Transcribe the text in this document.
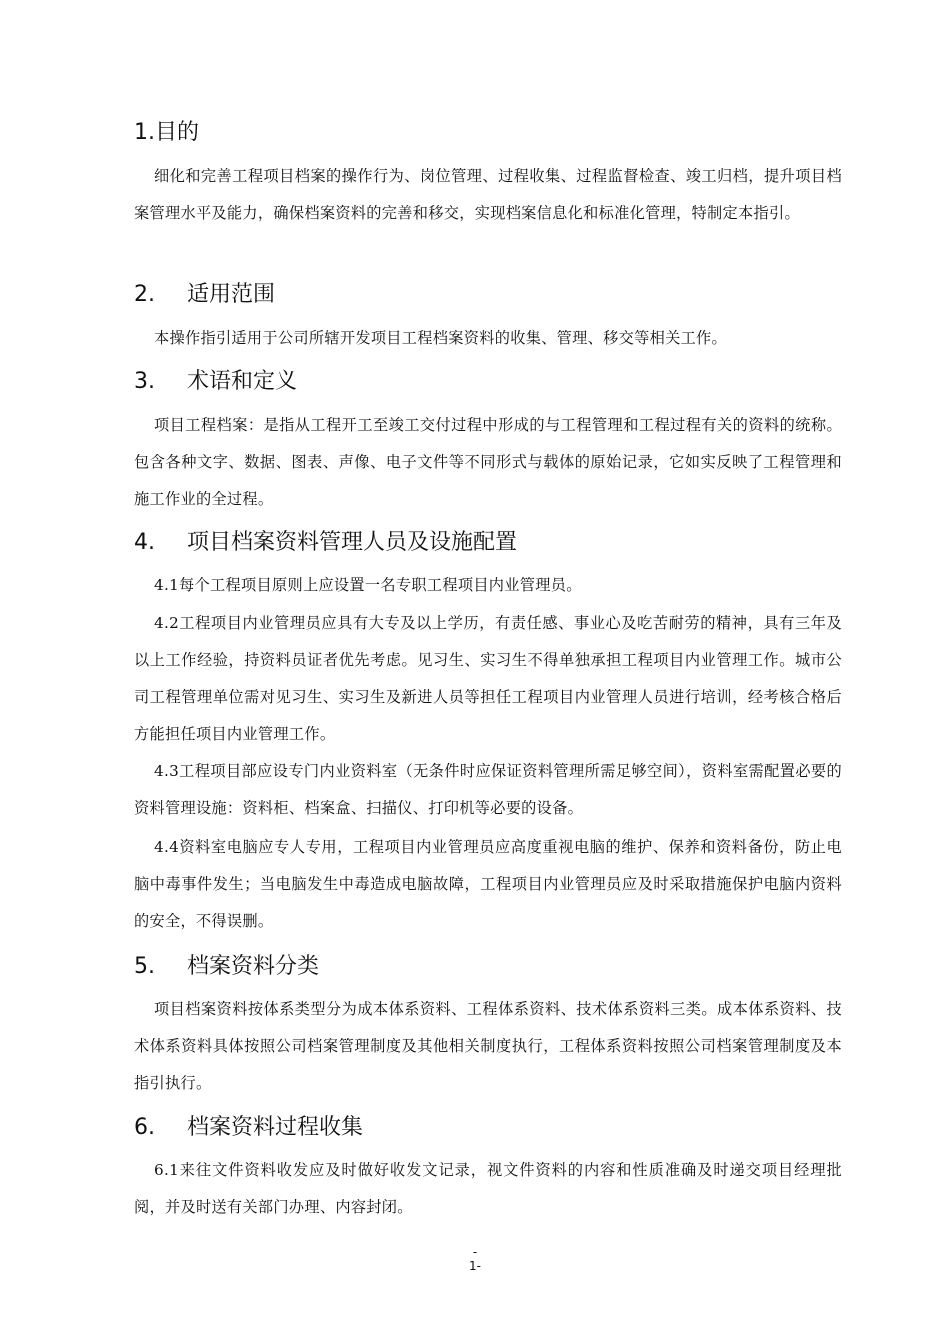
1.目的
细化和完善工程项目档案的操作行为、岗位管理、过程收集、过程监督检查、竣工归档，提升项目档案管理水平及能力，确保档案资料的完善和移交，实现档案信息化和标准化管理，特制定本指引。
2. 适用范围
本操作指引适用于公司所辖开发项目工程档案资料的收集、管理、移交等相关工作。
3. 术语和定义
项目工程档案：是指从工程开工至竣工交付过程中形成的与工程管理和工程过程有关的资料的统称。包含各种文字、数据、图表、声像、电子文件等不同形式与载体的原始记录，它如实反映了工程管理和施工作业的全过程。
4. 项目档案资料管理人员及设施配置
4.1每个工程项目原则上应设置一名专职工程项目内业管理员。
4.2工程项目内业管理员应具有大专及以上学历，有责任感、事业心及吃苦耐劳的精神，具有三年及以上工作经验，持资料员证者优先考虑。见习生、实习生不得单独承担工程项目内业管理工作。城市公司工程管理单位需对见习生、实习生及新进人员等担任工程项目内业管理人员进行培训，经考核合格后方能担任项目内业管理工作。
4.3工程项目部应设专门内业资料室（无条件时应保证资料管理所需足够空间），资料室需配置必要的资料管理设施：资料柜、档案盒、扫描仪、打印机等必要的设备。
4.4资料室电脑应专人专用，工程项目内业管理员应高度重视电脑的维护、保养和资料备份，防止电脑中毒事件发生；当电脑发生中毒造成电脑故障，工程项目内业管理员应及时采取措施保护电脑内资料的安全，不得误删。
5. 档案资料分类
项目档案资料按体系类型分为成本体系资料、工程体系资料、技术体系资料三类。成本体系资料、技术体系资料具体按照公司档案管理制度及其他相关制度执行，工程体系资料按照公司档案管理制度及本指引执行。
6. 档案资料过程收集
6.1来往文件资料收发应及时做好收发文记录，视文件资料的内容和性质准确及时递交项目经理批阅，并及时送有关部门办理、内容封闭。
-
1-
